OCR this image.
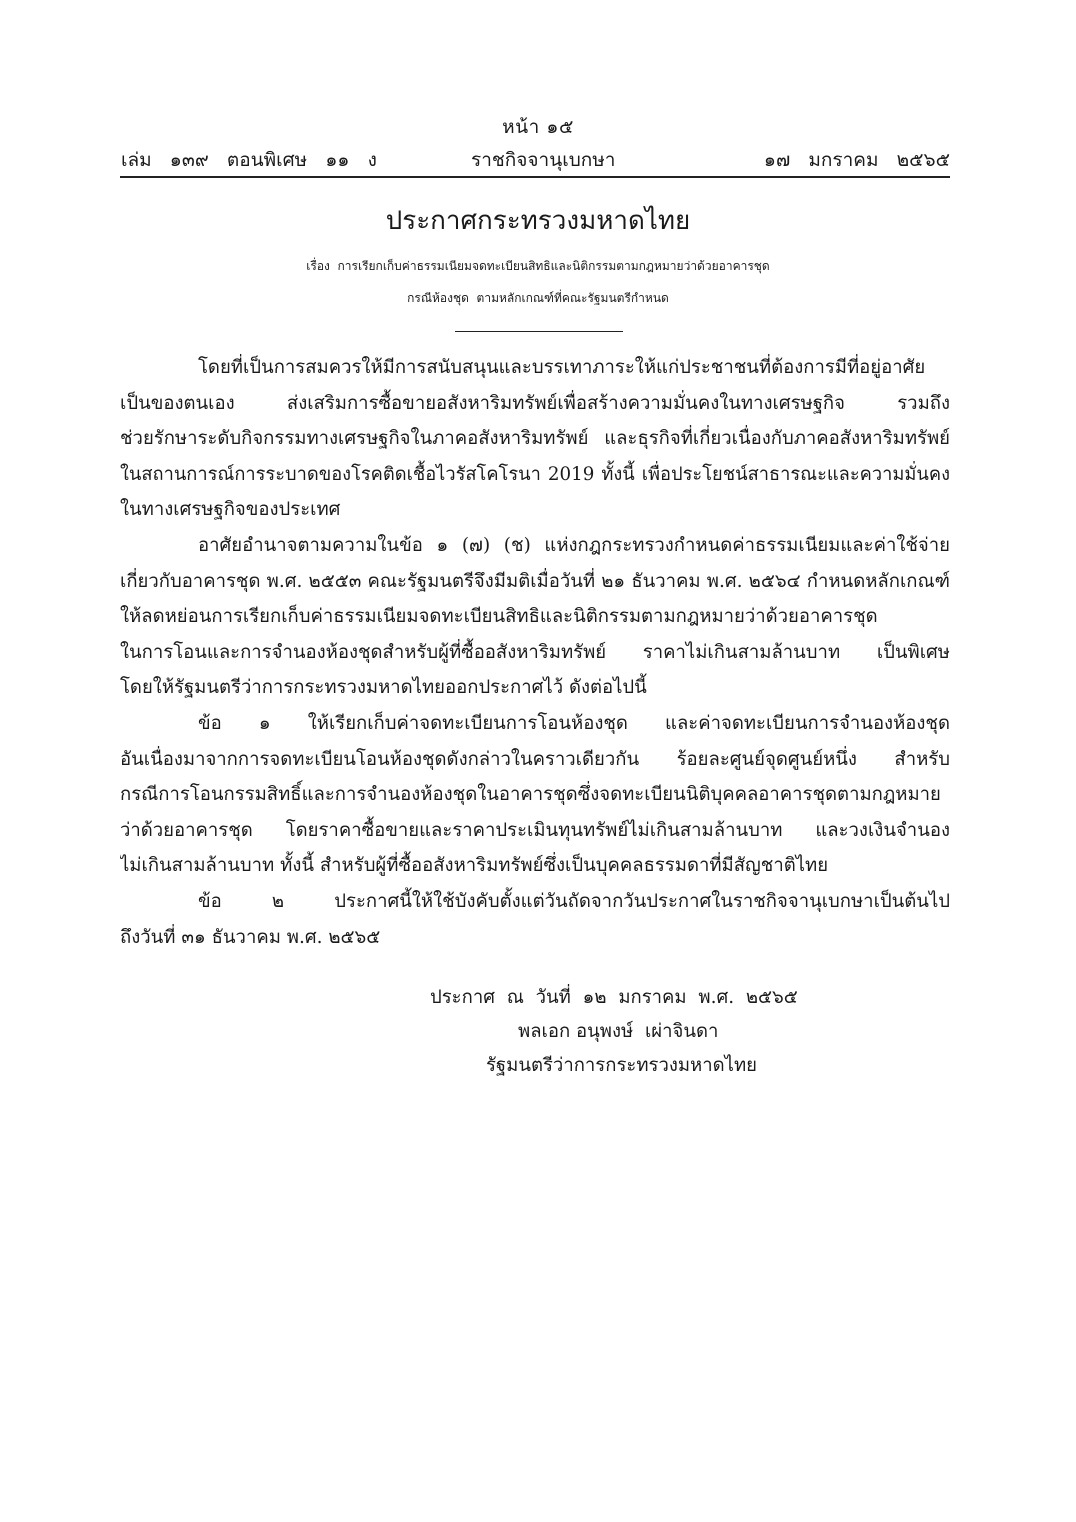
หน้า ๑๕
เล่ม   ๑๓๙   ตอนพิเศษ   ๑๑   ง	ราชกิจจานุเบกษา	๑๗   มกราคม   ๒๕๖๕
ประกาศกระทรวงมหาดไทย
เรื่อง  การเรียกเก็บค่าธรรมเนียมจดทะเบียนสิทธิและนิติกรรมตามกฎหมายว่าด้วยอาคารชุด
กรณีห้องชุด  ตามหลักเกณฑ์ที่คณะรัฐมนตรีกำหนด
โดยที่เป็นการสมควรให้มีการสนับสนุนและบรรเทาภาระให้แก่ประชาชนที่ต้องการมีที่อยู่อาศัย
เป็นของตนเอง ส่งเสริมการซื้อขายอสังหาริมทรัพย์เพื่อสร้างความมั่นคงในทางเศรษฐกิจ รวมถึง
ช่วยรักษาระดับกิจกรรมทางเศรษฐกิจในภาคอสังหาริมทรัพย์ และธุรกิจที่เกี่ยวเนื่องกับภาคอสังหาริมทรัพย์
ในสถานการณ์การระบาดของโรคติดเชื้อไวรัสโคโรนา 2019 ทั้งนี้ เพื่อประโยชน์สาธารณะและความมั่นคง
ในทางเศรษฐกิจของประเทศ
อาศัยอำนาจตามความในข้อ ๑ (๗) (ช) แห่งกฎกระทรวงกำหนดค่าธรรมเนียมและค่าใช้จ่าย
เกี่ยวกับอาคารชุด พ.ศ. ๒๕๕๓ คณะรัฐมนตรีจึงมีมติเมื่อวันที่ ๒๑ ธันวาคม พ.ศ. ๒๕๖๔ กำหนดหลักเกณฑ์
ให้ลดหย่อนการเรียกเก็บค่าธรรมเนียมจดทะเบียนสิทธิและนิติกรรมตามกฎหมายว่าด้วยอาคารชุด
ในการโอนและการจำนองห้องชุดสำหรับผู้ที่ซื้ออสังหาริมทรัพย์ ราคาไม่เกินสามล้านบาท เป็นพิเศษ
โดยให้รัฐมนตรีว่าการกระทรวงมหาดไทยออกประกาศไว้ ดังต่อไปนี้
ข้อ ๑ ให้เรียกเก็บค่าจดทะเบียนการโอนห้องชุด และค่าจดทะเบียนการจำนองห้องชุด
อันเนื่องมาจากการจดทะเบียนโอนห้องชุดดังกล่าวในคราวเดียวกัน ร้อยละศูนย์จุดศูนย์หนึ่ง สำหรับ
กรณีการโอนกรรมสิทธิ์และการจำนองห้องชุดในอาคารชุดซึ่งจดทะเบียนนิติบุคคลอาคารชุดตามกฎหมาย
ว่าด้วยอาคารชุด โดยราคาซื้อขายและราคาประเมินทุนทรัพย์ไม่เกินสามล้านบาท และวงเงินจำนอง
ไม่เกินสามล้านบาท ทั้งนี้ สำหรับผู้ที่ซื้ออสังหาริมทรัพย์ซึ่งเป็นบุคคลธรรมดาที่มีสัญชาติไทย
ข้อ ๒ ประกาศนี้ให้ใช้บังคับตั้งแต่วันถัดจากวันประกาศในราชกิจจานุเบกษาเป็นต้นไป
ถึงวันที่ ๓๑ ธันวาคม พ.ศ. ๒๕๖๕
ประกาศ  ณ  วันที่  ๑๒  มกราคม  พ.ศ.  ๒๕๖๕
พลเอก อนุพงษ์  เผ่าจินดา
รัฐมนตรีว่าการกระทรวงมหาดไทย
